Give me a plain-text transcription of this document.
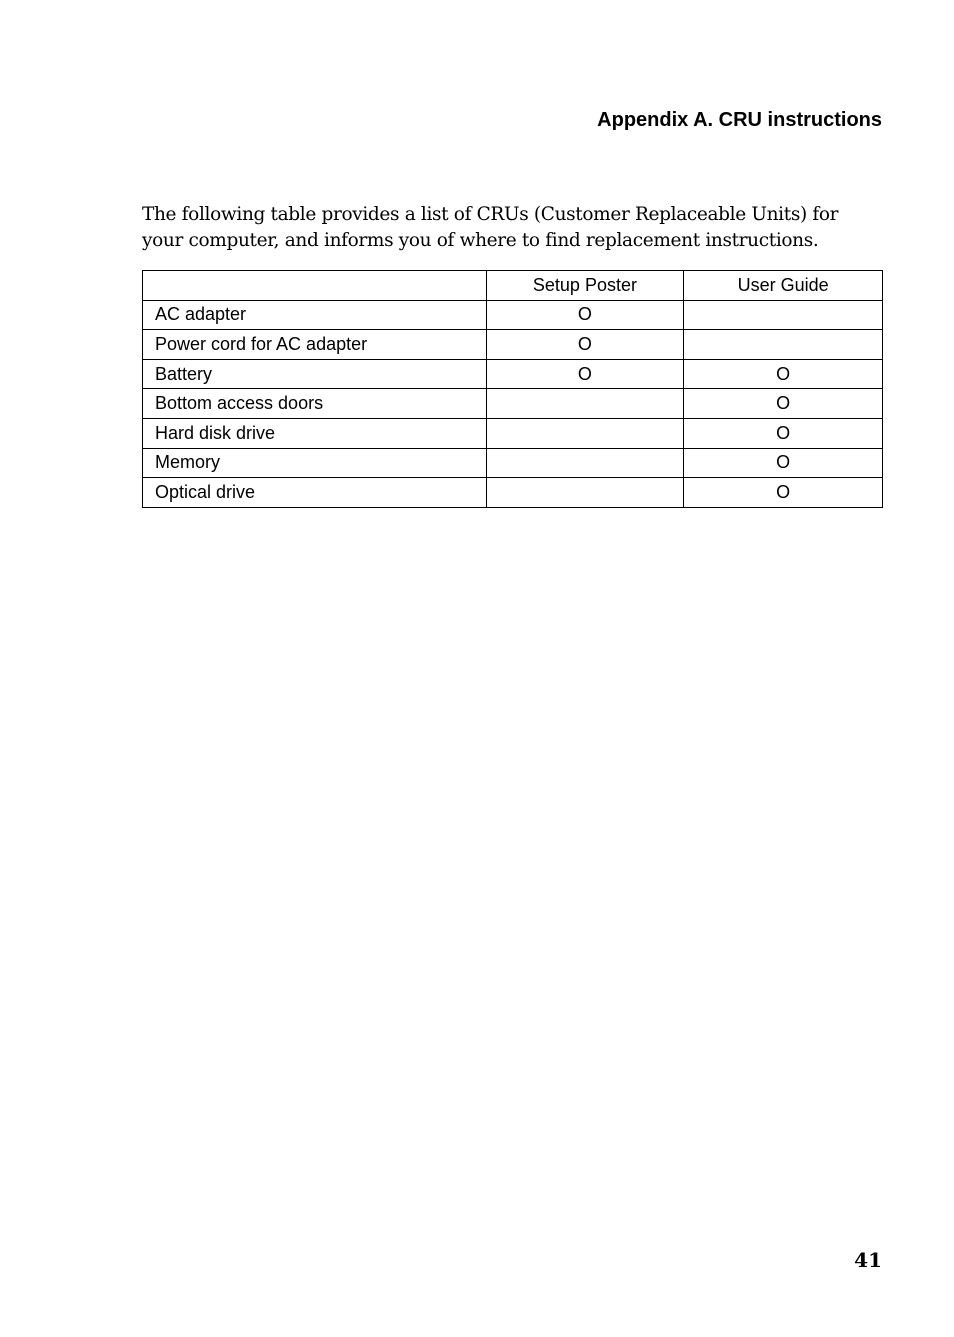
Appendix A. CRU instructions

The following table provides a list of CRUs (Customer Replaceable Units) for your computer, and informs you of where to find replacement instructions.

	Setup Poster	User Guide
AC adapter	O	
Power cord for AC adapter	O	
Battery	O	O
Bottom access doors		O
Hard disk drive		O
Memory		O
Optical drive		O
41
